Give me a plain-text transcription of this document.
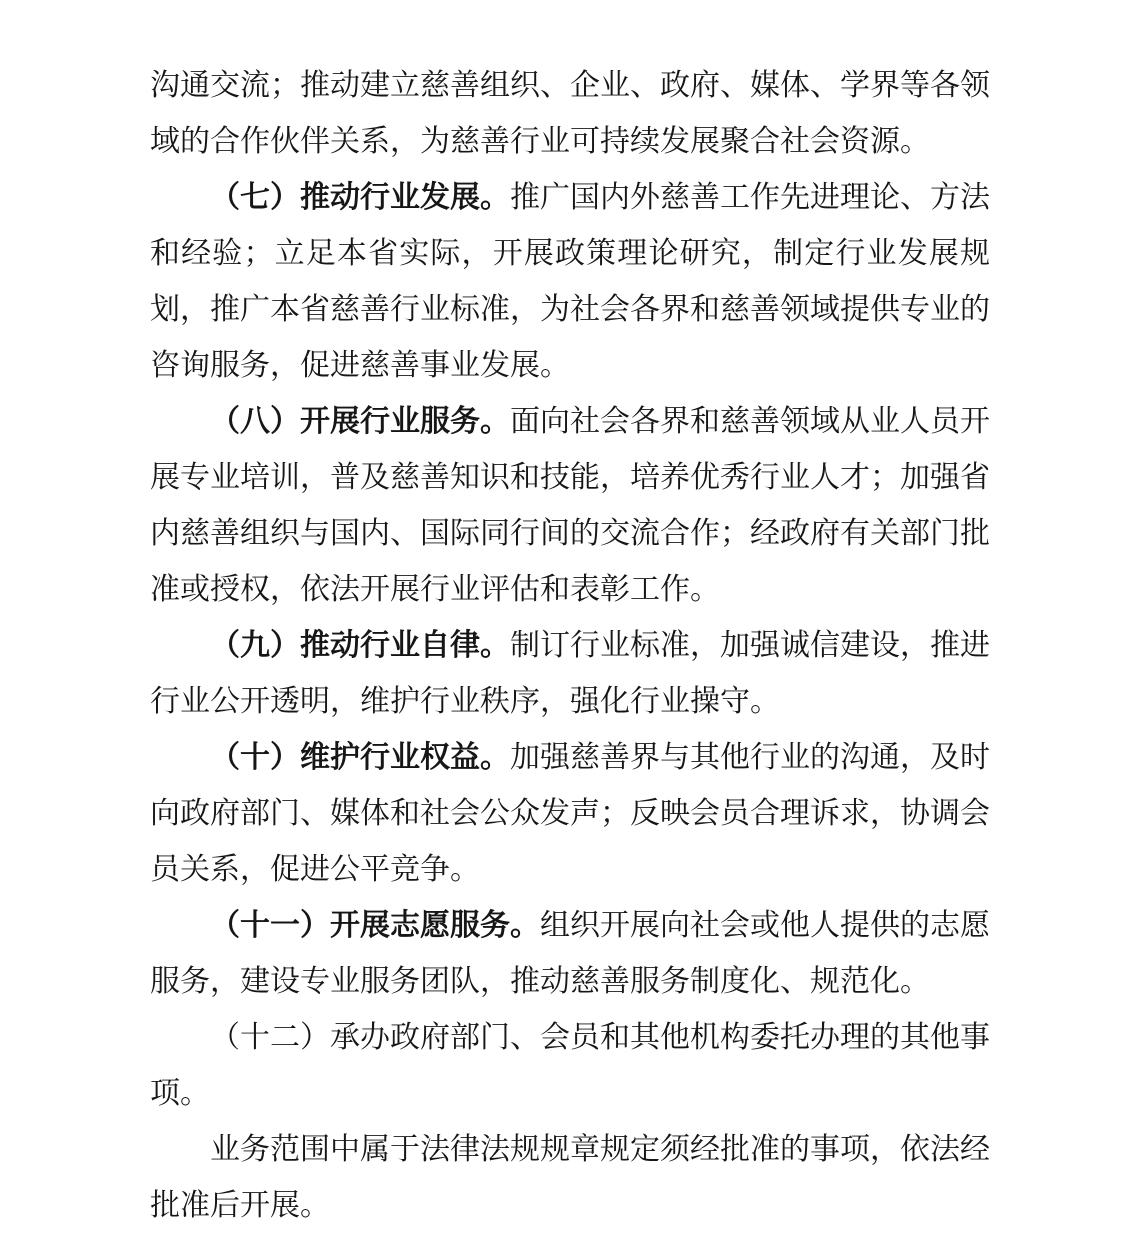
沟通交流；推动建立慈善组织、企业、政府、媒体、学界等各领域的合作伙伴关系，为慈善行业可持续发展聚合社会资源。

（七）推动行业发展。推广国内外慈善工作先进理论、方法和经验；立足本省实际，开展政策理论研究，制定行业发展规划，推广本省慈善行业标准，为社会各界和慈善领域提供专业的咨询服务，促进慈善事业发展。

（八）开展行业服务。面向社会各界和慈善领域从业人员开展专业培训，普及慈善知识和技能，培养优秀行业人才；加强省内慈善组织与国内、国际同行间的交流合作；经政府有关部门批准或授权，依法开展行业评估和表彰工作。

（九）推动行业自律。制订行业标准，加强诚信建设，推进行业公开透明，维护行业秩序，强化行业操守。

（十）维护行业权益。加强慈善界与其他行业的沟通，及时向政府部门、媒体和社会公众发声；反映会员合理诉求，协调会员关系，促进公平竞争。

（十一）开展志愿服务。组织开展向社会或他人提供的志愿服务，建设专业服务团队，推动慈善服务制度化、规范化。

（十二）承办政府部门、会员和其他机构委托办理的其他事项。

业务范围中属于法律法规规章规定须经批准的事项，依法经批准后开展。
